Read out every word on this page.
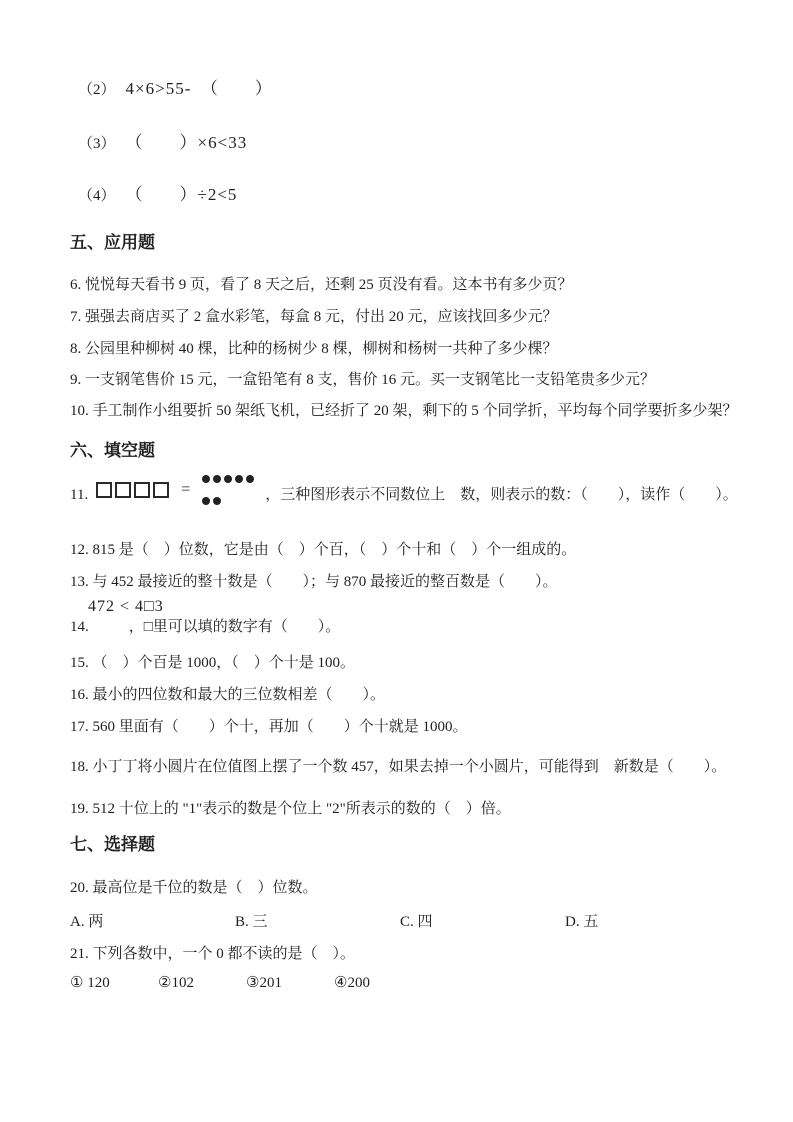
（2） 4×6>55-　（　　）
（3） （　　）×6<33
（4） （　　）÷2<5
五、应用题
6. 悦悦每天看书 9 页，看了 8 天之后，还剩 25 页没有看。这本书有多少页？
7. 强强去商店买了 2 盒水彩笔，每盒 8 元，付出 20 元，应该找回多少元？
8. 公园里种柳树 40 棵，比种的杨树少 8 棵，柳树和杨树一共种了多少棵？
9. 一支钢笔售价 15 元，一盒铅笔有 8 支，售价 16 元。买一支钢笔比一支铅笔贵多少元？
10. 手工制作小组要折 50 架纸飞机，已经折了 20 架，剩下的 5 个同学折，平均每个同学要折多少架？
六、填空题
11.	=	，三种图形表示不同数位上　数，则表示的数：（　　），读作（　　）。
12. 815 是（　）位数，它是由（　）个百，（　）个十和（　）个一组成的。
13. 与 452 最接近的整十数是（　　）；与 870 最接近的整百数是（　　）。
472 < 4□3
14.	，□里可以填的数字有（　　）。
15. （　）个百是 1000，（　）个十是 100。
16. 最小的四位数和最大的三位数相差（　　）。
17. 560 里面有（　　）个十，再加（　　）个十就是 1000。
18. 小丁丁将小圆片在位值图上摆了一个数 457，如果去掉一个小圆片，可能得到　新数是（　　）。
19. 512 十位上的 "1"表示的数是个位上 "2"所表示的数的（　）倍。
七、选择题
20. 最高位是千位的数是（　）位数。
A. 两	B. 三	C. 四	D. 五
21. 下列各数中，一个 0 都不读的是（　）。
① 120	②102	③201	④200
